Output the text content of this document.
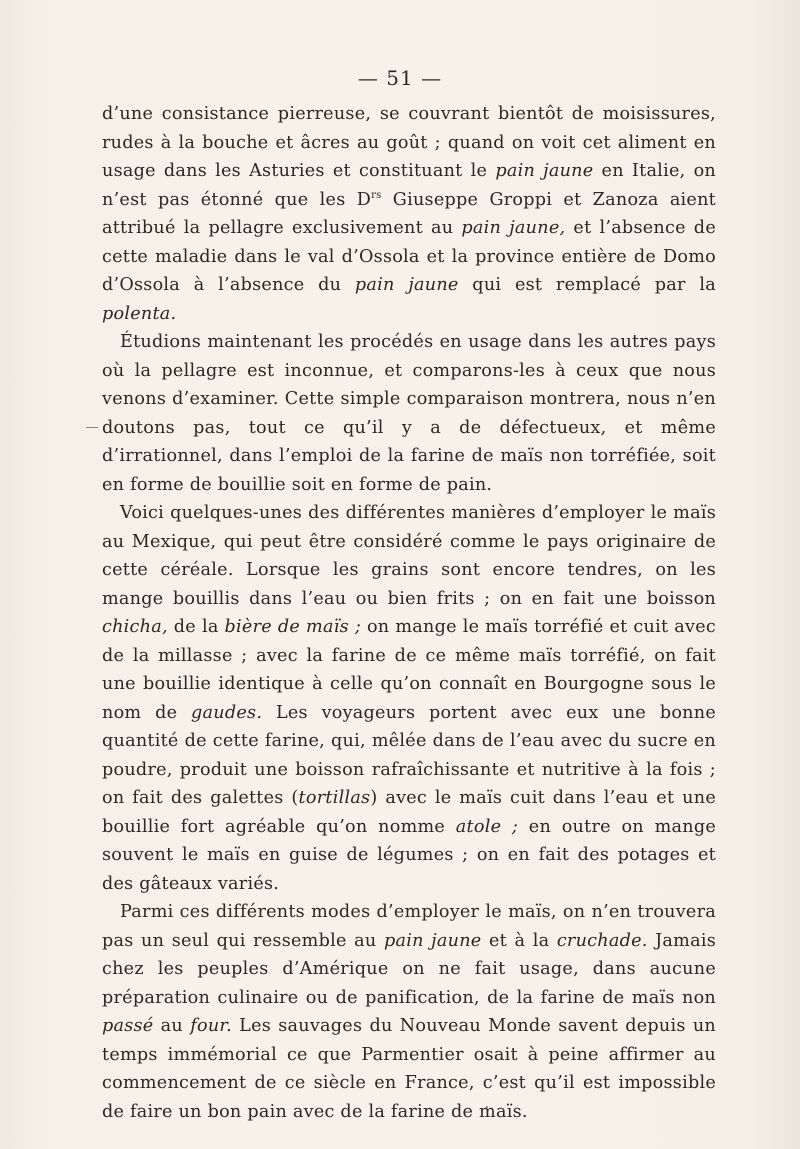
— 51 —

d’une consistance pierreuse, se couvrant bientôt de moisissures, rudes à la bouche et âcres au goût ; quand on voit cet aliment en usage dans les Asturies et constituant le pain jaune en Italie, on n’est pas étonné que les $D^{rs}$ Giuseppe Groppi et Zanoza aient attribué la pellagre exclusivement au pain jaune, et l’absence de cette maladie dans le val d’Ossola et la province entière de Domo d’Ossola à l’absence du pain jaune qui est remplacé par la polenta.

Étudions maintenant les procédés en usage dans les autres pays où la pellagre est inconnue, et comparons-les à ceux que nous venons d’examiner. Cette simple comparaison montrera, nous n’en doutons pas, tout ce qu’il y a de défectueux, et même d’irrationnel, dans l’emploi de la farine de maïs non torréfiée, soit en forme de bouillie soit en forme de pain.

Voici quelques-unes des différentes manières d’employer le maïs au Mexique, qui peut être considéré comme le pays originaire de cette céréale. Lorsque les grains sont encore tendres, on les mange bouillis dans l’eau ou bien frits ; on en fait une boisson chicha, de la bière de maïs ; on mange le maïs torréfié et cuit avec de la millasse ; avec la farine de ce même maïs torréfié, on fait une bouillie identique à celle qu’on connaît en Bourgogne sous le nom de gaudes. Les voyageurs portent avec eux une bonne quantité de cette farine, qui, mêlée dans de l’eau avec du sucre en poudre, produit une boisson rafraîchissante et nutritive à la fois ; on fait des galettes (tortillas) avec le maïs cuit dans l’eau et une bouillie fort agréable qu’on nomme atole ; en outre on mange souvent le maïs en guise de légumes ; on en fait des potages et des gâteaux variés.

Parmi ces différents modes d’employer le maïs, on n’en trouvera pas un seul qui ressemble au pain jaune et à la cruchade. Jamais chez les peuples d’Amérique on ne fait usage, dans aucune préparation culinaire ou de panification, de la farine de maïs non passé au four. Les sauvages du Nouveau Monde savent depuis un temps immémorial ce que Parmentier osait à peine affirmer au commencement de ce siècle en France, c’est qu’il est impossible de faire un bon pain avec de la farine de maïs.
